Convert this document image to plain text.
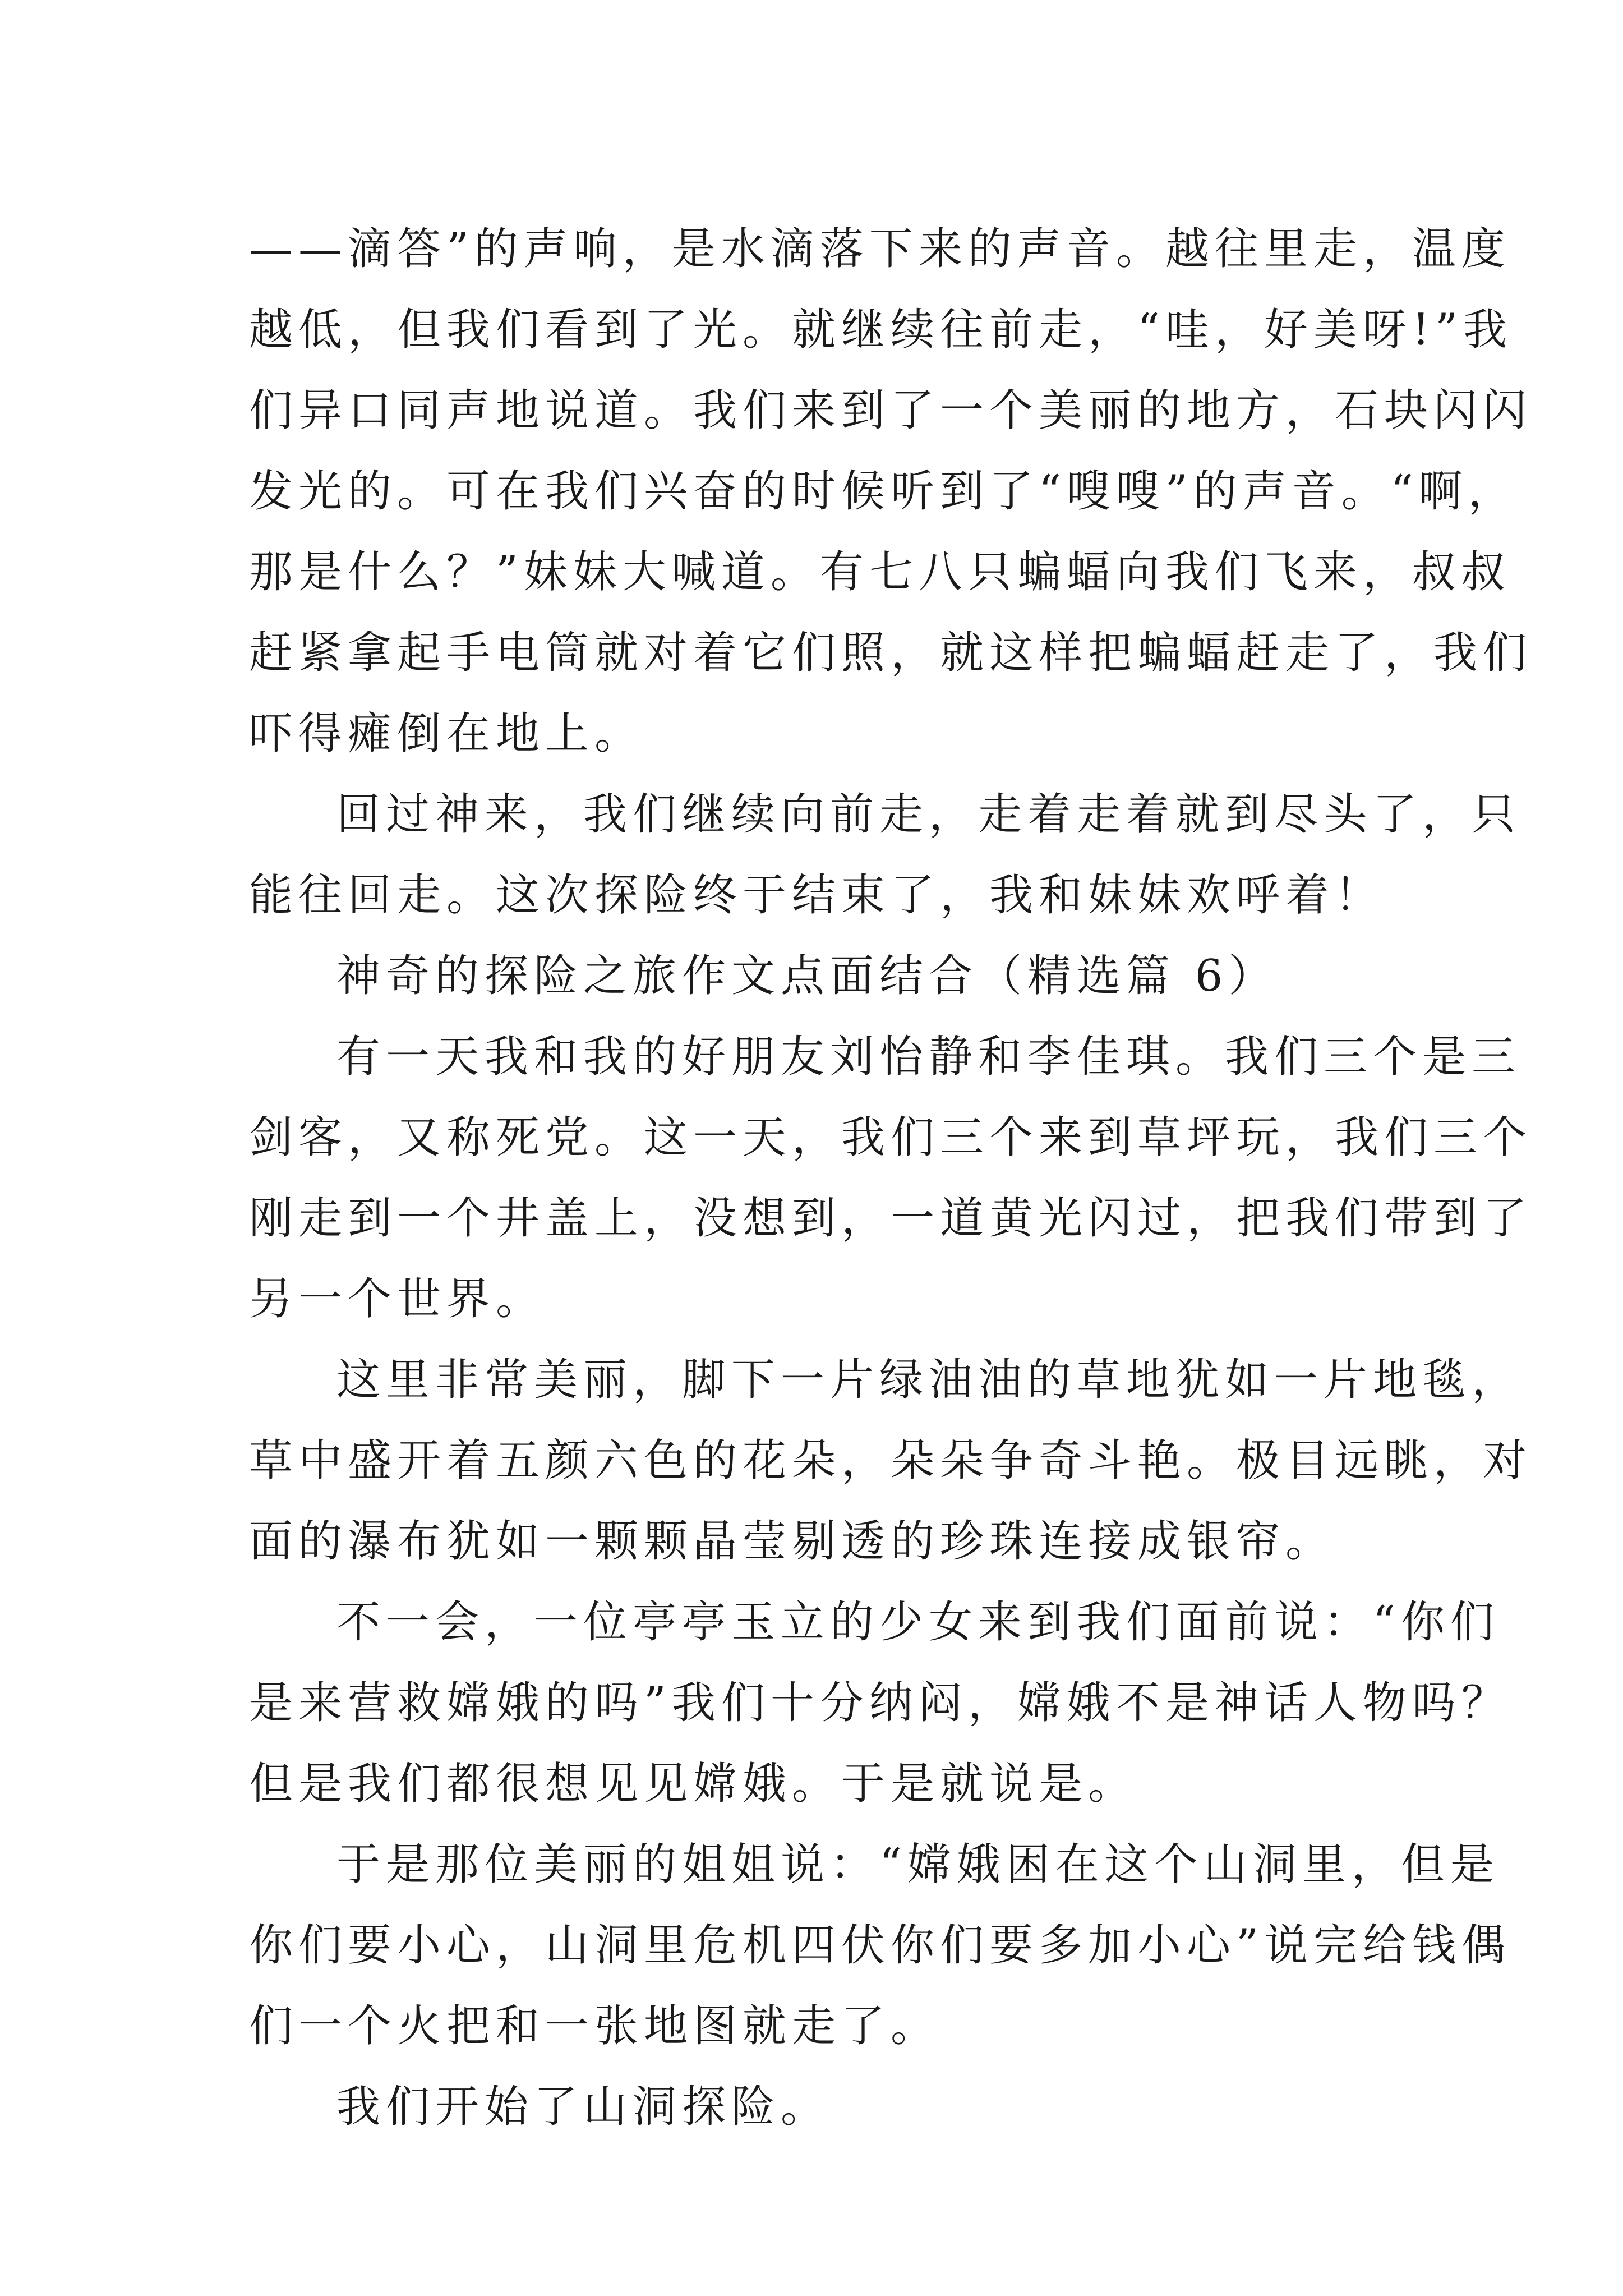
——滴答”的声响，是水滴落下来的声音。越往里走，温度
越低，但我们看到了光。就继续往前走，“哇，好美呀!”我
们异口同声地说道。我们来到了一个美丽的地方，石块闪闪
发光的。可在我们兴奋的时候听到了“嗖嗖”的声音。“啊，
那是什么？”妹妹大喊道。有七八只蝙蝠向我们飞来，叔叔
赶紧拿起手电筒就对着它们照，就这样把蝙蝠赶走了，我们
吓得瘫倒在地上。
回过神来，我们继续向前走，走着走着就到尽头了，只
能往回走。这次探险终于结束了，我和妹妹欢呼着！
神奇的探险之旅作文点面结合（精选篇 6）
有一天我和我的好朋友刘怡静和李佳琪。我们三个是三
剑客，又称死党。这一天，我们三个来到草坪玩，我们三个
刚走到一个井盖上，没想到，一道黄光闪过，把我们带到了
另一个世界。
这里非常美丽，脚下一片绿油油的草地犹如一片地毯，
草中盛开着五颜六色的花朵，朵朵争奇斗艳。极目远眺，对
面的瀑布犹如一颗颗晶莹剔透的珍珠连接成银帘。
不一会，一位亭亭玉立的少女来到我们面前说：“你们
是来营救嫦娥的吗”我们十分纳闷，嫦娥不是神话人物吗？
但是我们都很想见见嫦娥。于是就说是。
于是那位美丽的姐姐说：“嫦娥困在这个山洞里，但是
你们要小心，山洞里危机四伏你们要多加小心”说完给钱偶
们一个火把和一张地图就走了。
我们开始了山洞探险。
